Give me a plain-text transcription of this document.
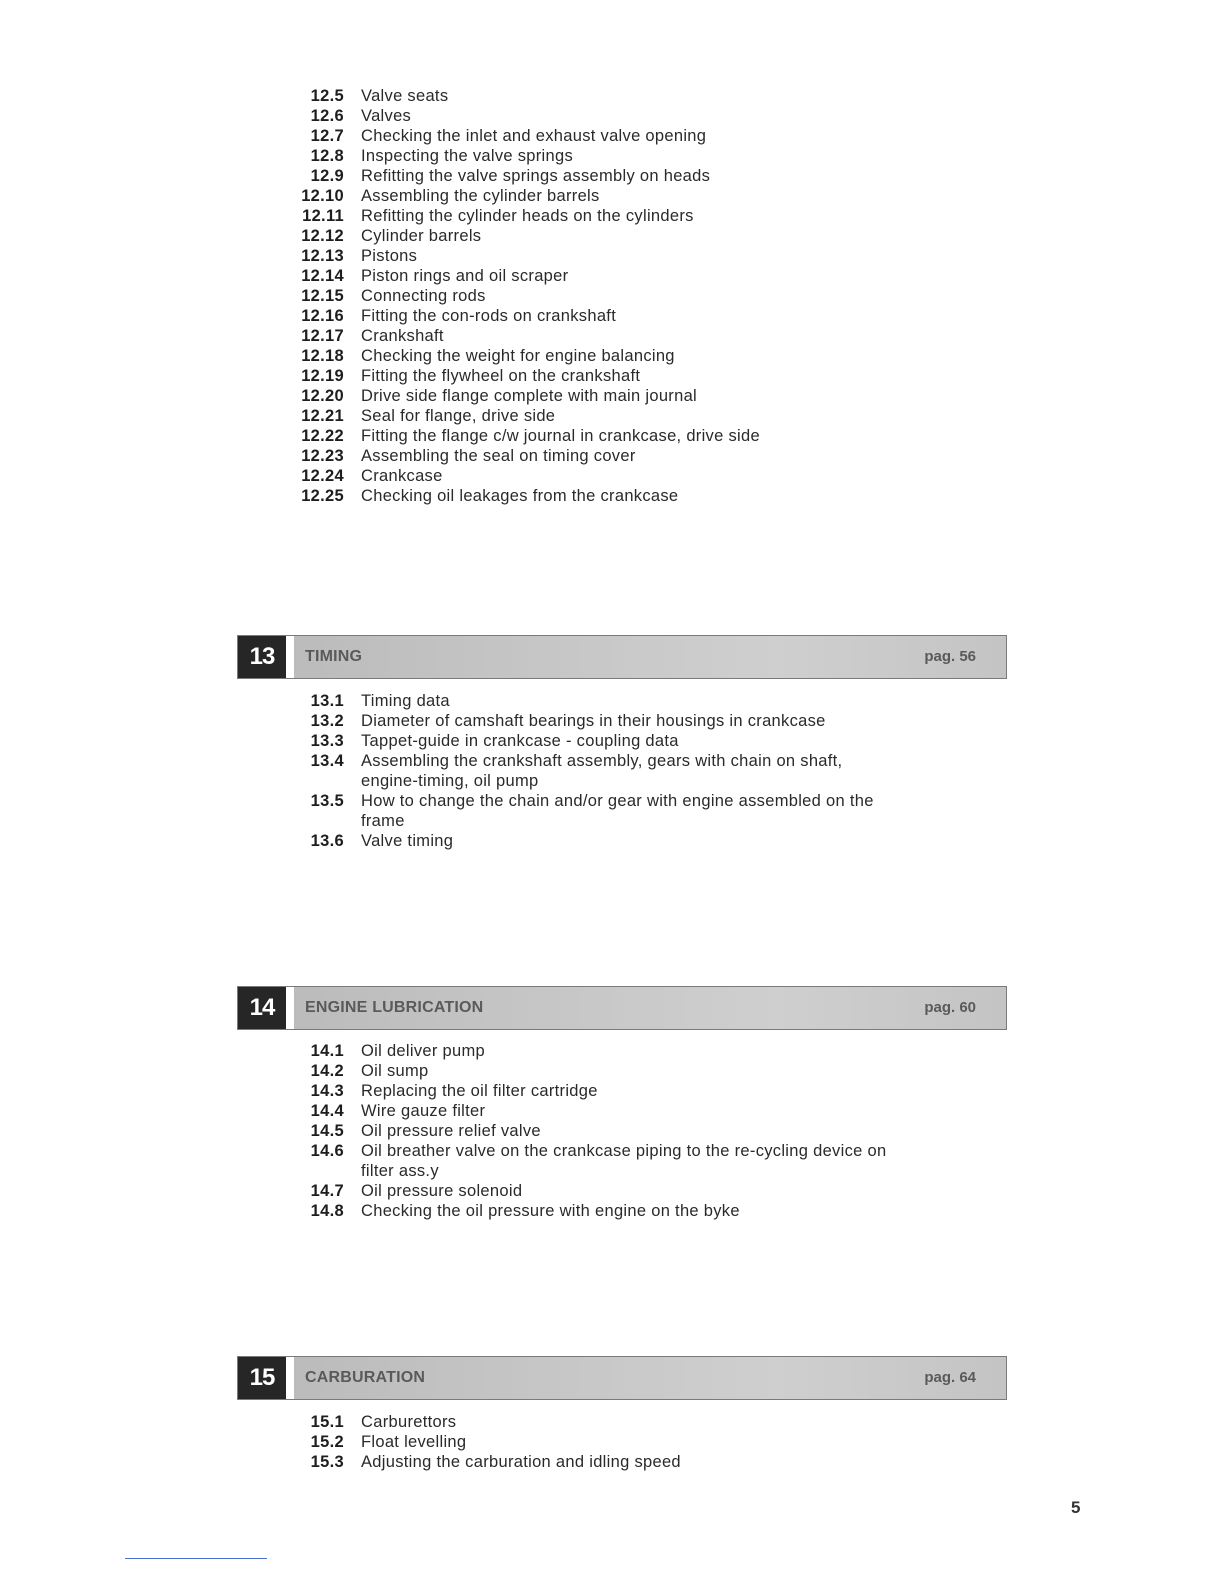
12.5 Valve seats
12.6 Valves
12.7 Checking the inlet and exhaust valve opening
12.8 Inspecting the valve springs
12.9 Refitting the valve springs assembly on heads
12.10 Assembling the cylinder barrels
12.11 Refitting the cylinder heads on the cylinders
12.12 Cylinder barrels
12.13 Pistons
12.14 Piston rings and oil scraper
12.15 Connecting rods
12.16 Fitting the con-rods on crankshaft
12.17 Crankshaft
12.18 Checking the weight for engine balancing
12.19 Fitting the flywheel on the crankshaft
12.20 Drive side flange complete with main journal
12.21 Seal for flange, drive side
12.22 Fitting the flange c/w journal in crankcase, drive side
12.23 Assembling the seal on timing cover
12.24 Crankcase
12.25 Checking oil leakages from the crankcase
13	TIMING	pag. 56
13.1 Timing data
13.2 Diameter of camshaft bearings in their housings in crankcase
13.3 Tappet-guide in crankcase - coupling data
13.4 Assembling the crankshaft assembly, gears with chain on shaft, engine-timing, oil pump
13.5 How to change the chain and/or gear with engine assembled on the frame
13.6 Valve timing
14	ENGINE LUBRICATION	pag. 60
14.1 Oil deliver pump
14.2 Oil sump
14.3 Replacing the oil filter cartridge
14.4 Wire gauze filter
14.5 Oil pressure relief valve
14.6 Oil breather valve on the crankcase piping to the re-cycling device on filter ass.y
14.7 Oil pressure solenoid
14.8 Checking the oil pressure with engine on the byke
15	CARBURATION	pag. 64
15.1 Carburettors
15.2 Float levelling
15.3 Adjusting the carburation and idling speed
5
